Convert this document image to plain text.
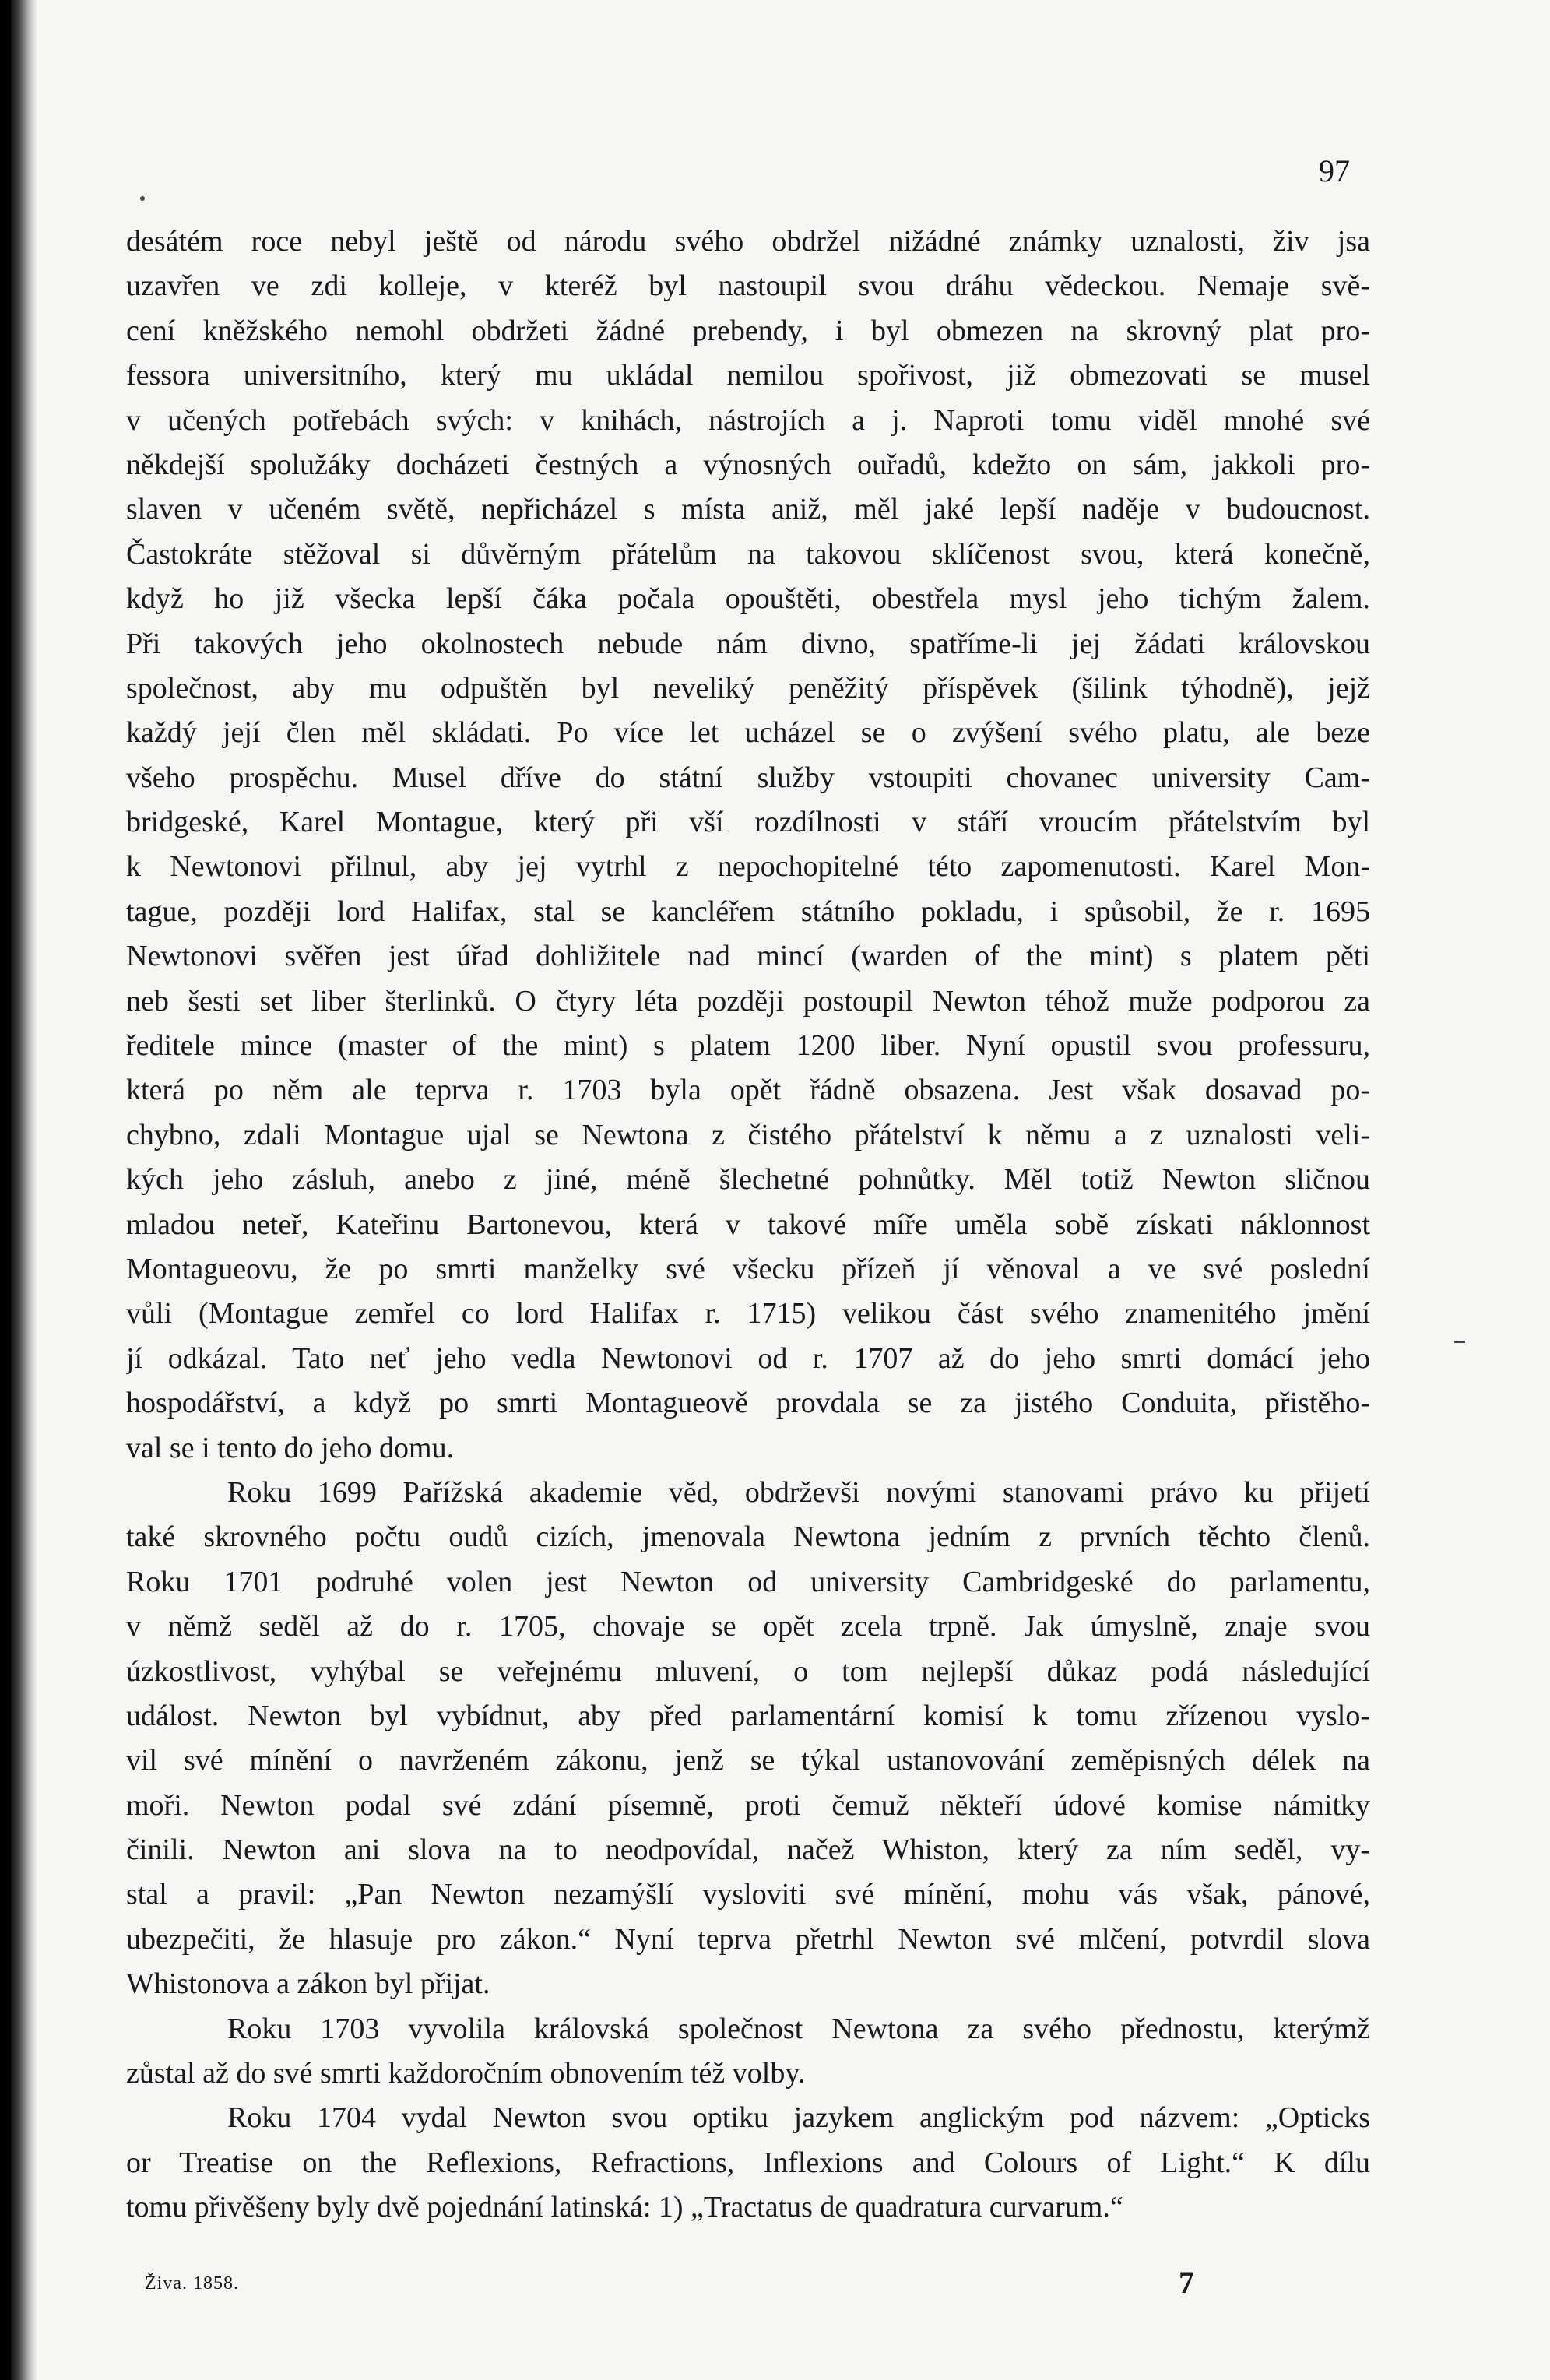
97
desátém roce nebyl ještě od národu svého obdržel nižádné známky uznalosti, živ jsa
uzavřen ve zdi kolleje, v kteréž byl nastoupil svou dráhu vědeckou. Nemaje svě-
cení kněžského nemohl obdržeti žádné prebendy, i byl obmezen na skrovný plat pro-
fessora universitního, který mu ukládal nemilou spořivost, již obmezovati se musel
v učených potřebách svých: v knihách, nástrojích a j. Naproti tomu viděl mnohé své
někdejší spolužáky docházeti čestných a výnosných ouřadů, kdežto on sám, jakkoli pro-
slaven v učeném světě, nepřicházel s místa aniž, měl jaké lepší naděje v budoucnost.
Častokráte stěžoval si důvěrným přátelům na takovou sklíčenost svou, která konečně,
když ho již všecka lepší čáka počala opouštěti, obestřela mysl jeho tichým žalem.
Při takových jeho okolnostech nebude nám divno, spatříme-li jej žádati královskou
společnost, aby mu odpuštěn byl neveliký peněžitý příspěvek (šilink týhodně), jejž
každý její člen měl skládati. Po více let ucházel se o zvýšení svého platu, ale beze
všeho prospěchu. Musel dříve do státní služby vstoupiti chovanec university Cam-
bridgeské, Karel Montague, který při vší rozdílnosti v stáří vroucím přátelstvím byl
k Newtonovi přilnul, aby jej vytrhl z nepochopitelné této zapomenutosti. Karel Mon-
tague, později lord Halifax, stal se kancléřem státního pokladu, i spůsobil, že r. 1695
Newtonovi svěřen jest úřad dohližitele nad mincí (warden of the mint) s platem pěti
neb šesti set liber šterlinků. O čtyry léta později postoupil Newton téhož muže podporou za
ředitele mince (master of the mint) s platem 1200 liber. Nyní opustil svou professuru,
která po něm ale teprva r. 1703 byla opět řádně obsazena. Jest však dosavad po-
chybno, zdali Montague ujal se Newtona z čistého přátelství k němu a z uznalosti veli-
kých jeho zásluh, anebo z jiné, méně šlechetné pohnůtky. Měl totiž Newton sličnou
mladou neteř, Kateřinu Bartonevou, která v takové míře uměla sobě získati náklonnost
Montagueovu, že po smrti manželky své všecku přízeň jí věnoval a ve své poslední
vůli (Montague zemřel co lord Halifax r. 1715) velikou část svého znamenitého jmění
jí odkázal. Tato neť jeho vedla Newtonovi od r. 1707 až do jeho smrti domácí jeho
hospodářství, a když po smrti Montagueově provdala se za jistého Conduita, přistěho-
val se i tento do jeho domu.
Roku 1699 Pařížská akademie věd, obdrževši novými stanovami právo ku přijetí
také skrovného počtu oudů cizích, jmenovala Newtona jedním z prvních těchto členů.
Roku 1701 podruhé volen jest Newton od university Cambridgeské do parlamentu,
v němž seděl až do r. 1705, chovaje se opět zcela trpně. Jak úmyslně, znaje svou
úzkostlivost, vyhýbal se veřejnému mluvení, o tom nejlepší důkaz podá následující
událost. Newton byl vybídnut, aby před parlamentární komisí k tomu zřízenou vyslo-
vil své mínění o navrženém zákonu, jenž se týkal ustanovování zeměpisných délek na
moři. Newton podal své zdání písemně, proti čemuž někteří údové komise námitky
činili. Newton ani slova na to neodpovídal, načež Whiston, který za ním seděl, vy-
stal a pravil: „Pan Newton nezamýšlí vysloviti své mínění, mohu vás však, pánové,
ubezpečiti, že hlasuje pro zákon.“ Nyní teprva přetrhl Newton své mlčení, potvrdil slova
Whistonova a zákon byl přijat.
Roku 1703 vyvolila královská společnost Newtona za svého přednostu, kterýmž
zůstal až do své smrti každoročním obnovením též volby.
Roku 1704 vydal Newton svou optiku jazykem anglickým pod názvem: „Opticks
or Treatise on the Reflexions, Refractions, Inflexions and Colours of Light.“ K dílu
tomu přivěšeny byly dvě pojednání latinská: 1) „Tractatus de quadratura curvarum.“
Živa. 1858.	7
